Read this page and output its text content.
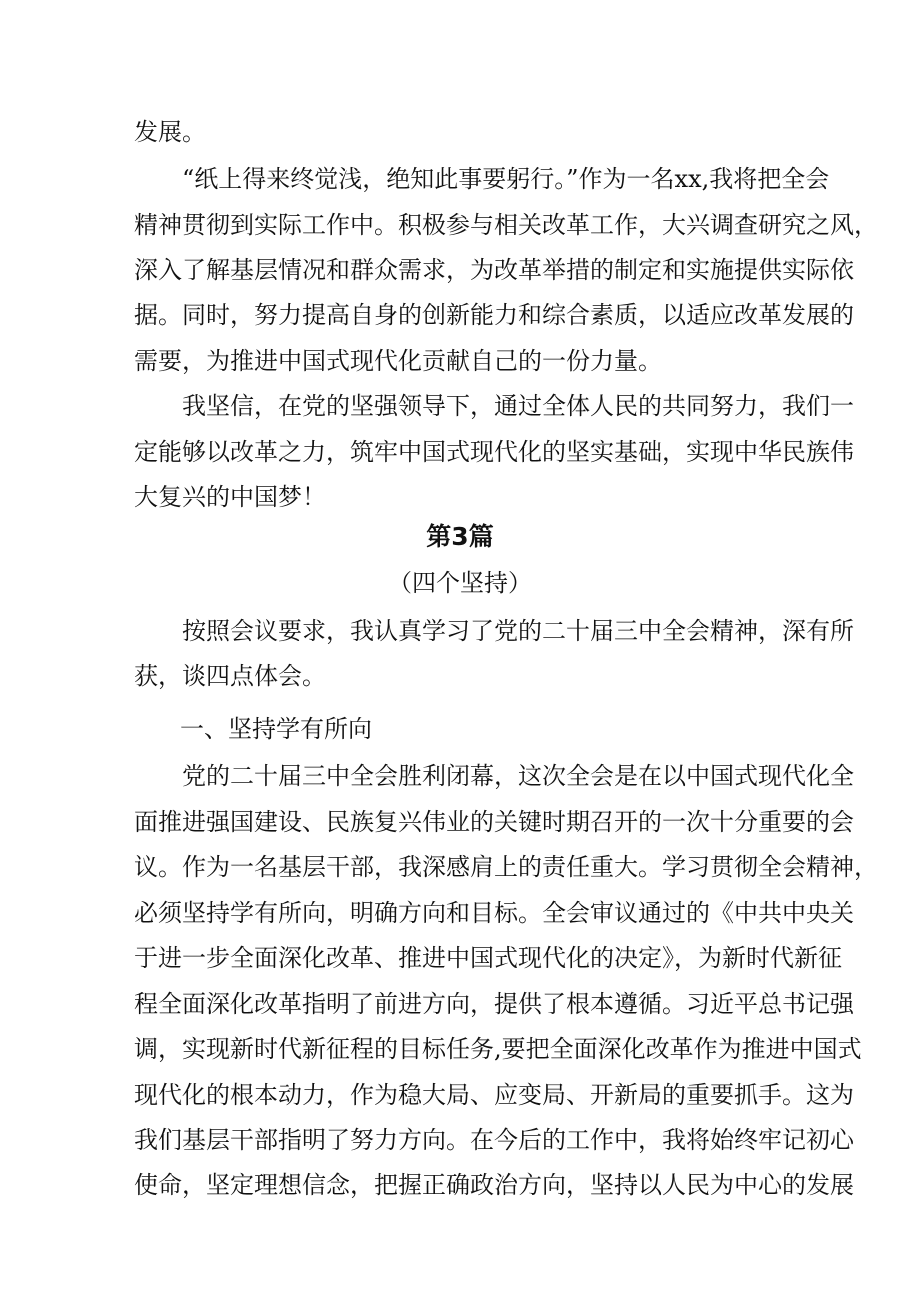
发展。
“纸上得来终觉浅，绝知此事要躬行。”作为一名xx,我将把全会
精神贯彻到实际工作中。积极参与相关改革工作，大兴调查研究之风，
深入了解基层情况和群众需求，为改革举措的制定和实施提供实际依
据。同时，努力提高自身的创新能力和综合素质，以适应改革发展的
需要，为推进中国式现代化贡献自己的一份力量。
我坚信，在党的坚强领导下，通过全体人民的共同努力，我们一
定能够以改革之力，筑牢中国式现代化的坚实基础，实现中华民族伟
大复兴的中国梦！
第3篇
（四个坚持）
按照会议要求，我认真学习了党的二十届三中全会精神，深有所
获，谈四点体会。
一、坚持学有所向
党的二十届三中全会胜利闭幕，这次全会是在以中国式现代化全
面推进强国建设、民族复兴伟业的关键时期召开的一次十分重要的会
议。作为一名基层干部，我深感肩上的责任重大。学习贯彻全会精神，
必须坚持学有所向，明确方向和目标。全会审议通过的《中共中央关
于进一步全面深化改革、推进中国式现代化的决定》，为新时代新征
程全面深化改革指明了前进方向，提供了根本遵循。习近平总书记强
调，实现新时代新征程的目标任务,要把全面深化改革作为推进中国式
现代化的根本动力，作为稳大局、应变局、开新局的重要抓手。这为
我们基层干部指明了努力方向。在今后的工作中，我将始终牢记初心
使命，坚定理想信念，把握正确政治方向，坚持以人民为中心的发展
